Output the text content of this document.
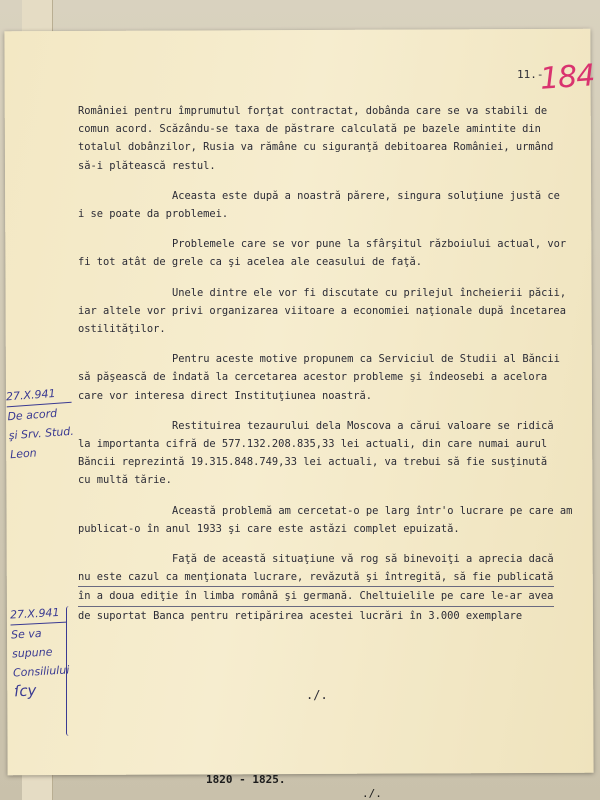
11.-
184
României pentru împrumutul forţat contractat, dobânda care se va stabili de
comun acord. Scăzându-se taxa de păstrare calculată pe bazele amintite din
totalul dobânzilor, Rusia va rămâne cu siguranţă debitoarea României, urmând
să-i plătească restul.
Aceasta este după a noastră părere, singura soluţiune justă ce
i se poate da problemei.
Problemele care se vor pune la sfârşitul războiului actual, vor
fi tot atât de grele ca şi acelea ale ceasului de faţă.
Unele dintre ele vor fi discutate cu prilejul încheierii păcii,
iar altele vor privi organizarea viitoare a economiei naţionale după încetarea
ostilităţilor.
Pentru aceste motive propunem ca Serviciul de Studii al Băncii
să păşească de îndată la cercetarea acestor probleme şi îndeosebi a acelora
care vor interesa direct Instituţiunea noastră.
Restituirea tezaurului dela Moscova a cărui valoare se ridică
la importanta cifră de 577.132.208.835,33 lei actuali, din care numai aurul
Băncii reprezintă 19.315.848.749,33 lei actuali, va trebui să fie susţinută
cu multă tărie.
Această problemă am cercetat-o pe larg într'o lucrare pe care am
publicat-o în anul 1933 şi care este astăzi complet epuizată.
Faţă de această situaţiune vă rog să binevoiţi a aprecia dacă
nu este cazul ca menţionata lucrare, revăzută şi întregită, să fie publicată
în a doua ediţie în limba română şi germană. Cheltuielile pe care le-ar avea
de suportat Banca pentru retipărirea acestei lucrări în 3.000 exemplare
./.
27.X.941
De acord
şi Srv. Stud.
Leon
27.X.941
Se va
supune
Consiliului
ſcy
1820 - 1825.
./.
